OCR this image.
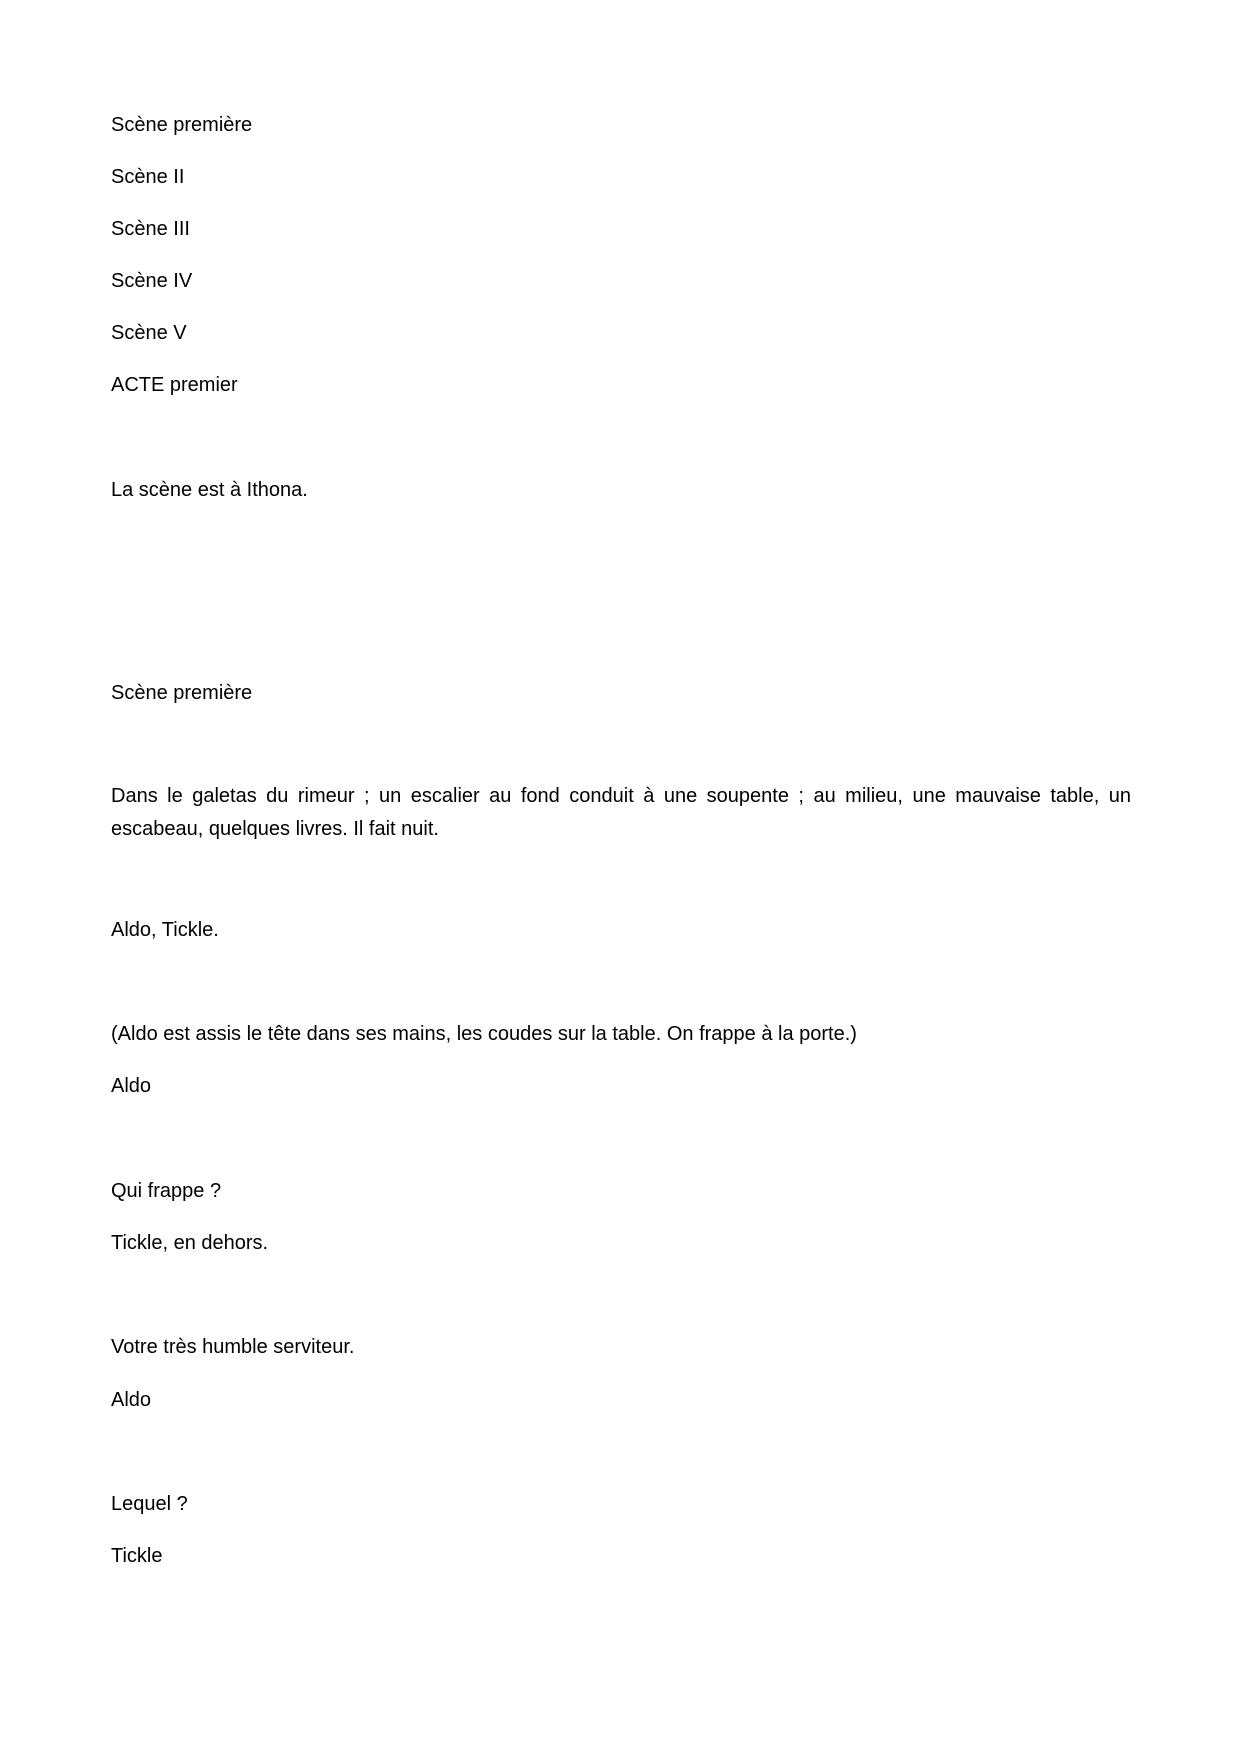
Scène première

Scène II

Scène III

Scène IV

Scène V

ACTE premier

La scène est à Ithona.

Scène première

Dans le galetas du rimeur ; un escalier au fond conduit à une soupente ; au milieu, une mauvaise table, un escabeau, quelques livres. Il fait nuit.

Aldo, Tickle.

(Aldo est assis le tête dans ses mains, les coudes sur la table. On frappe à la porte.)

Aldo

Qui frappe ?

Tickle, en dehors.

Votre très humble serviteur.

Aldo

Lequel ?

Tickle
